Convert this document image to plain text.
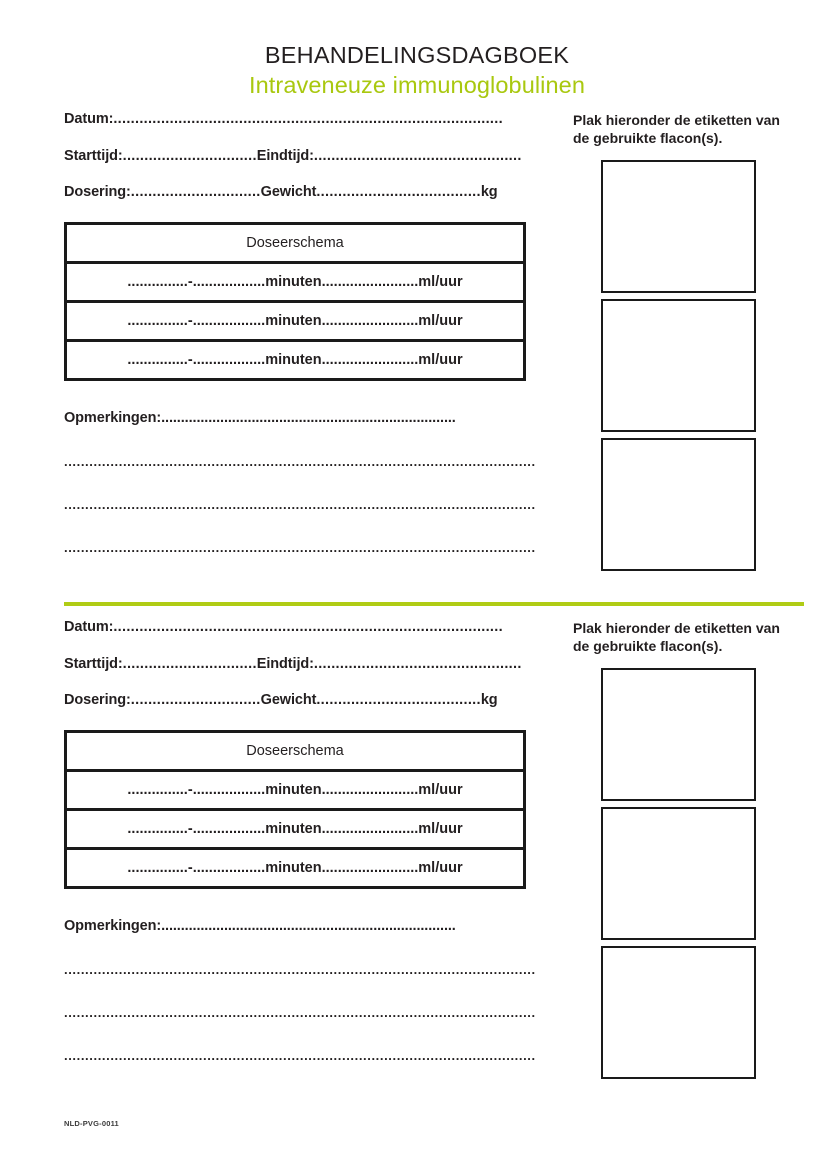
BEHANDELINGSDAGBOEK
Intraveneuze immunoglobulinen
Datum:..........................................................................................
Starttijd:...............................Eindtijd:................................................
Dosering:..............................Gewicht......................................kg
Doseerschema
...............-..................minuten........................ml/uur
...............-..................minuten........................ml/uur
...............-..................minuten........................ml/uur
Opmerkingen:...........................................................................
................................................................................................................
................................................................................................................
................................................................................................................
Plak hieronder de etiketten van de gebruikte flacon(s).
Datum:..........................................................................................
Starttijd:...............................Eindtijd:................................................
Dosering:..............................Gewicht......................................kg
Doseerschema
...............-..................minuten........................ml/uur
...............-..................minuten........................ml/uur
...............-..................minuten........................ml/uur
Opmerkingen:...........................................................................
................................................................................................................
................................................................................................................
................................................................................................................
Plak hieronder de etiketten van de gebruikte flacon(s).
NLD-PVG-0011
